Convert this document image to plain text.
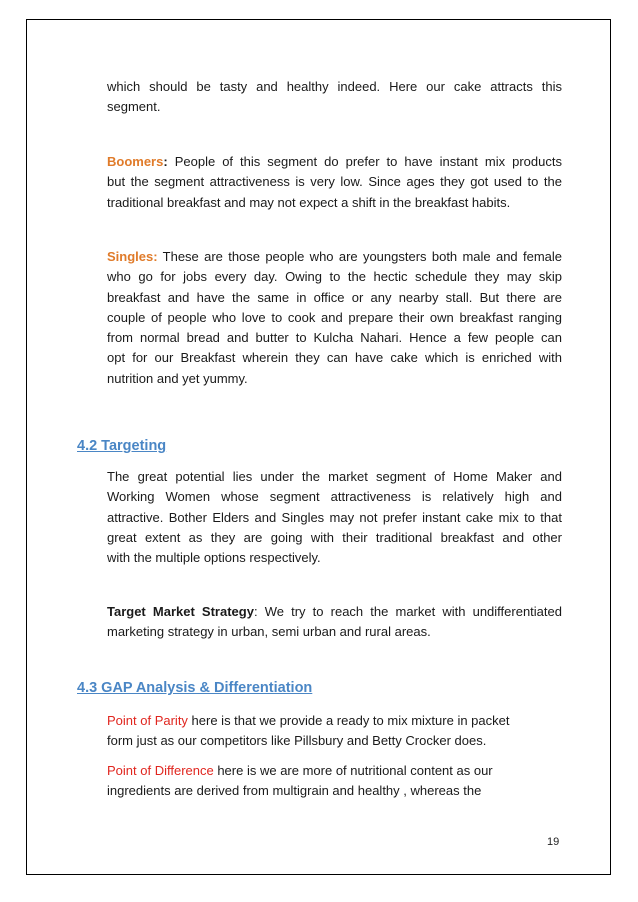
which should be tasty and healthy indeed. Here our cake attracts this
segment.
Boomers: People of this segment do prefer to have instant mix products
but the segment attractiveness is very low. Since ages they got used to the
traditional breakfast and may not expect a shift in the breakfast habits.
Singles: These are those people who are youngsters both male and female
who go for jobs every day. Owing to the hectic schedule they may skip
breakfast and have the same in office or any nearby stall. But there are
couple of people who love to cook and prepare their own breakfast ranging
from normal bread and butter to Kulcha Nahari. Hence a few people can
opt for our Breakfast wherein they can have cake which is enriched with
nutrition and yet yummy.
4.2 Targeting
The great potential lies under the market segment of Home Maker and
Working Women whose segment attractiveness is relatively high and
attractive. Bother Elders and Singles may not prefer instant cake mix to that
great extent as they are going with their traditional breakfast and other
with the multiple options respectively.
Target Market Strategy: We try to reach the market with undifferentiated
marketing strategy in urban, semi urban and rural areas.
4.3 GAP Analysis & Differentiation
Point of Parity here is that we provide a ready to mix mixture in packet
form just as our competitors like Pillsbury and Betty Crocker does.
Point of Difference here is we are more of nutritional content as our
ingredients are derived from multigrain and healthy , whereas the
19
